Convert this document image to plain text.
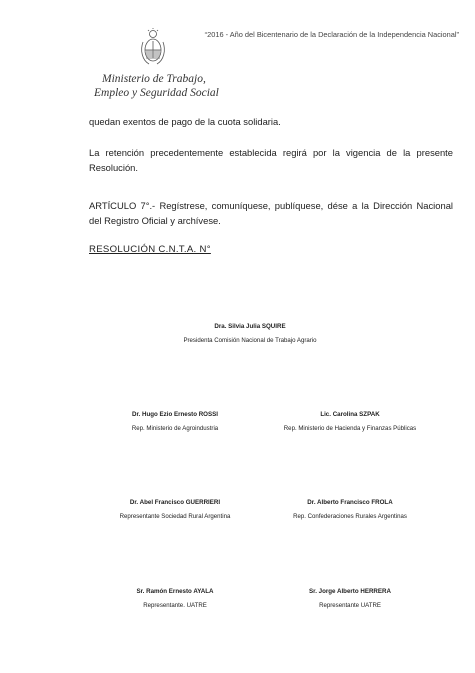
“2016 - Año del Bicentenario de la Declaración de la Independencia Nacional”
Ministerio de Trabajo,
Empleo y Seguridad Social
quedan exentos de pago de la cuota solidaria.
La retención precedentemente establecida regirá por la vigencia de la presente Resolución.
ARTÍCULO 7°.- Regístrese, comuníquese, publíquese, dése a la Dirección Nacional del Registro Oficial y archívese.
RESOLUCIÓN C.N.T.A. N°
Dra. Silvia Julia SQUIRE
Presidenta Comisión Nacional de Trabajo Agrario
Dr. Hugo Ezio Ernesto ROSSI
Rep. Ministerio de Agroindustria
Lic. Carolina SZPAK
Rep. Ministerio de Hacienda y Finanzas Públicas
Dr. Abel Francisco GUERRIERI
Representante Sociedad Rural Argentina
Dr. Alberto Francisco FROLA
Rep. Confederaciones Rurales Argentinas
Sr. Ramón Ernesto AYALA
Representante. UATRE
Sr. Jorge Alberto HERRERA
Representante UATRE
